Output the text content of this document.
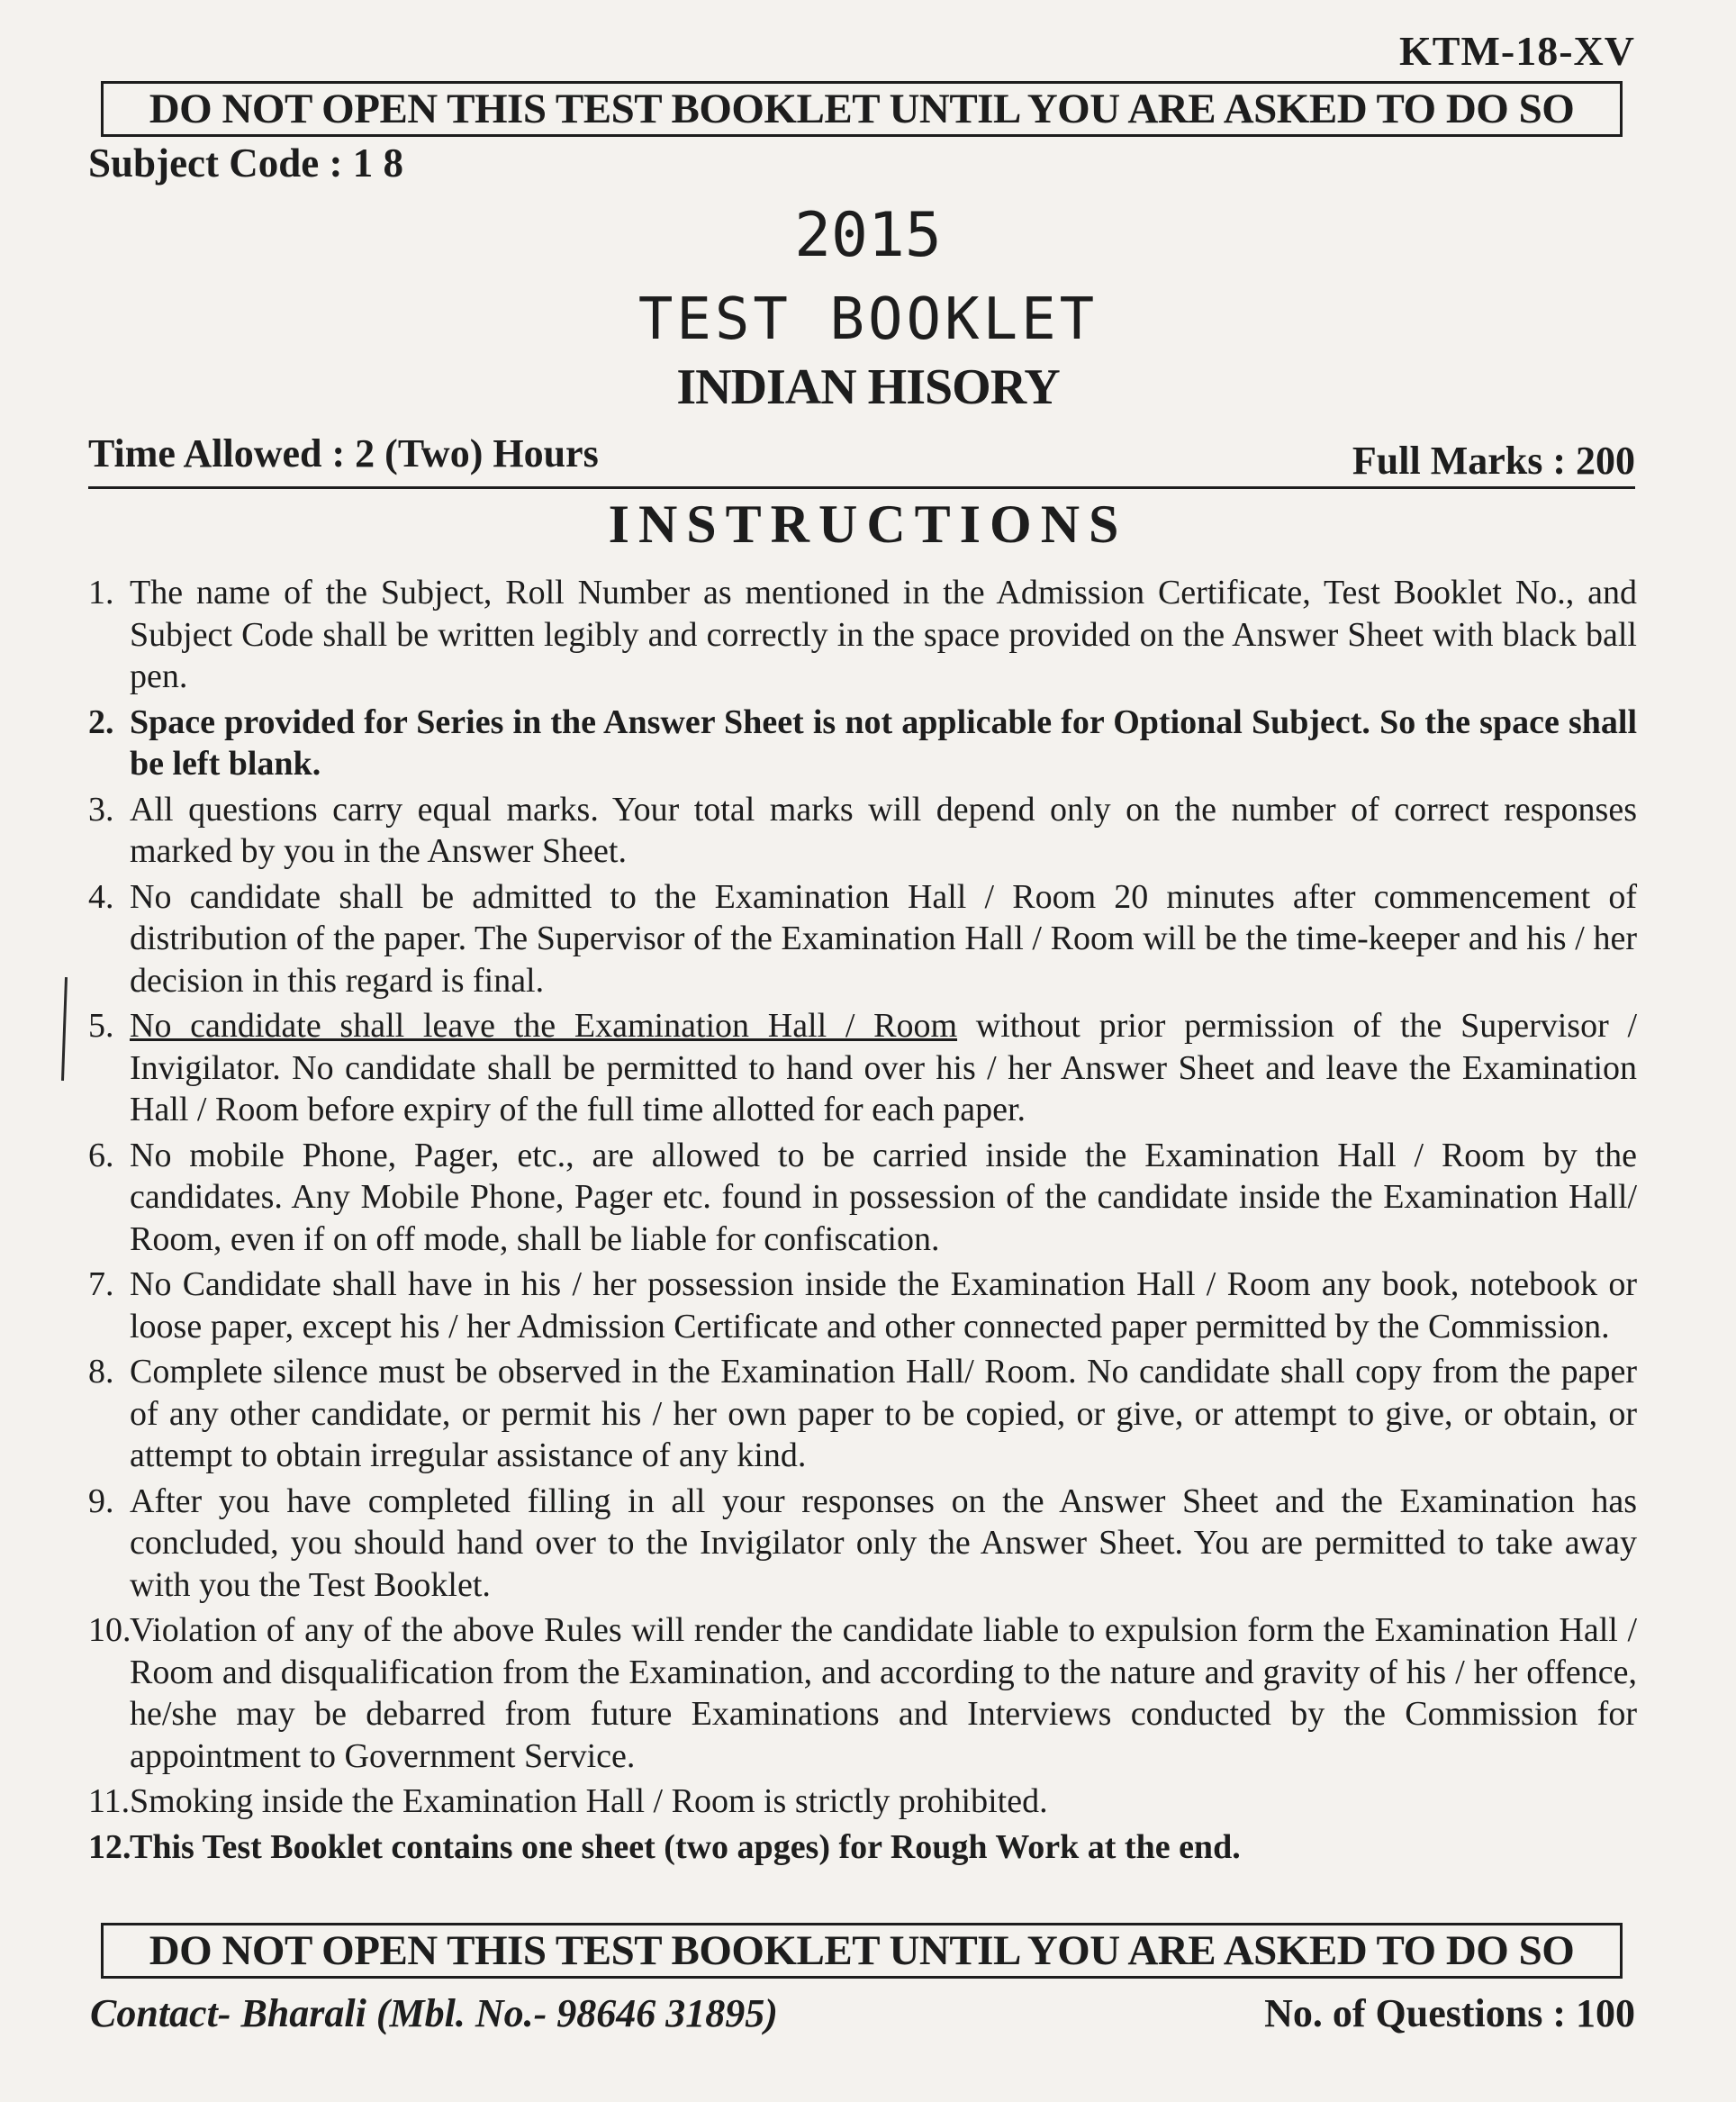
KTM-18-XV
DO NOT OPEN THIS TEST BOOKLET UNTIL YOU ARE ASKED TO DO SO
Subject Code : 1 8
2015
TEST BOOKLET
INDIAN HISORY
Time Allowed : 2 (Two) Hours	Full Marks : 200
INSTRUCTIONS
1. The name of the Subject, Roll Number as mentioned in the Admission Certificate, Test Booklet No., and Subject Code shall be written legibly and correctly in the space provided on the Answer Sheet with black ball pen.
2. Space provided for Series in the Answer Sheet is not applicable for Optional Subject. So the space shall be left blank.
3. All questions carry equal marks. Your total marks will depend only on the number of correct responses marked by you in the Answer Sheet.
4. No candidate shall be admitted to the Examination Hall / Room 20 minutes after commencement of distribution of the paper. The Supervisor of the Examination Hall / Room will be the time-keeper and his / her decision in this regard is final.
5. No candidate shall leave the Examination Hall / Room without prior permission of the Supervisor / Invigilator. No candidate shall be permitted to hand over his / her Answer Sheet and leave the Examination Hall / Room before expiry of the full time allotted for each paper.
6. No mobile Phone, Pager, etc., are allowed to be carried inside the Examination Hall / Room by the candidates. Any Mobile Phone, Pager etc. found in possession of the candidate inside the Examination Hall/ Room, even if on off mode, shall be liable for confiscation.
7. No Candidate shall have in his / her possession inside the Examination Hall / Room any book, notebook or loose paper, except his / her Admission Certificate and other connected paper permitted by the Commission.
8. Complete silence must be observed in the Examination Hall/ Room. No candidate shall copy from the paper of any other candidate, or permit his / her own paper to be copied, or give, or attempt to give, or obtain, or attempt to obtain irregular assistance of any kind.
9. After you have completed filling in all your responses on the Answer Sheet and the Examination has concluded, you should hand over to the Invigilator only the Answer Sheet. You are permitted to take away with you the Test Booklet.
10.
Violation of any of the above Rules will render the candidate liable to expulsion form the Examination Hall / Room and disqualification from the Examination, and according to the nature and gravity of his / her offence, he/she may be debarred from future Examinations and Interviews conducted by the Commission for appointment to Government Service.
11. Smoking inside the Examination Hall / Room is strictly prohibited.
12.
This Test Booklet contains one sheet (two apges) for Rough Work at the end.
DO NOT OPEN THIS TEST BOOKLET UNTIL YOU ARE ASKED TO DO SO
Contact- Bharali (Mbl. No.- 98646 31895)	No. of Questions : 100
